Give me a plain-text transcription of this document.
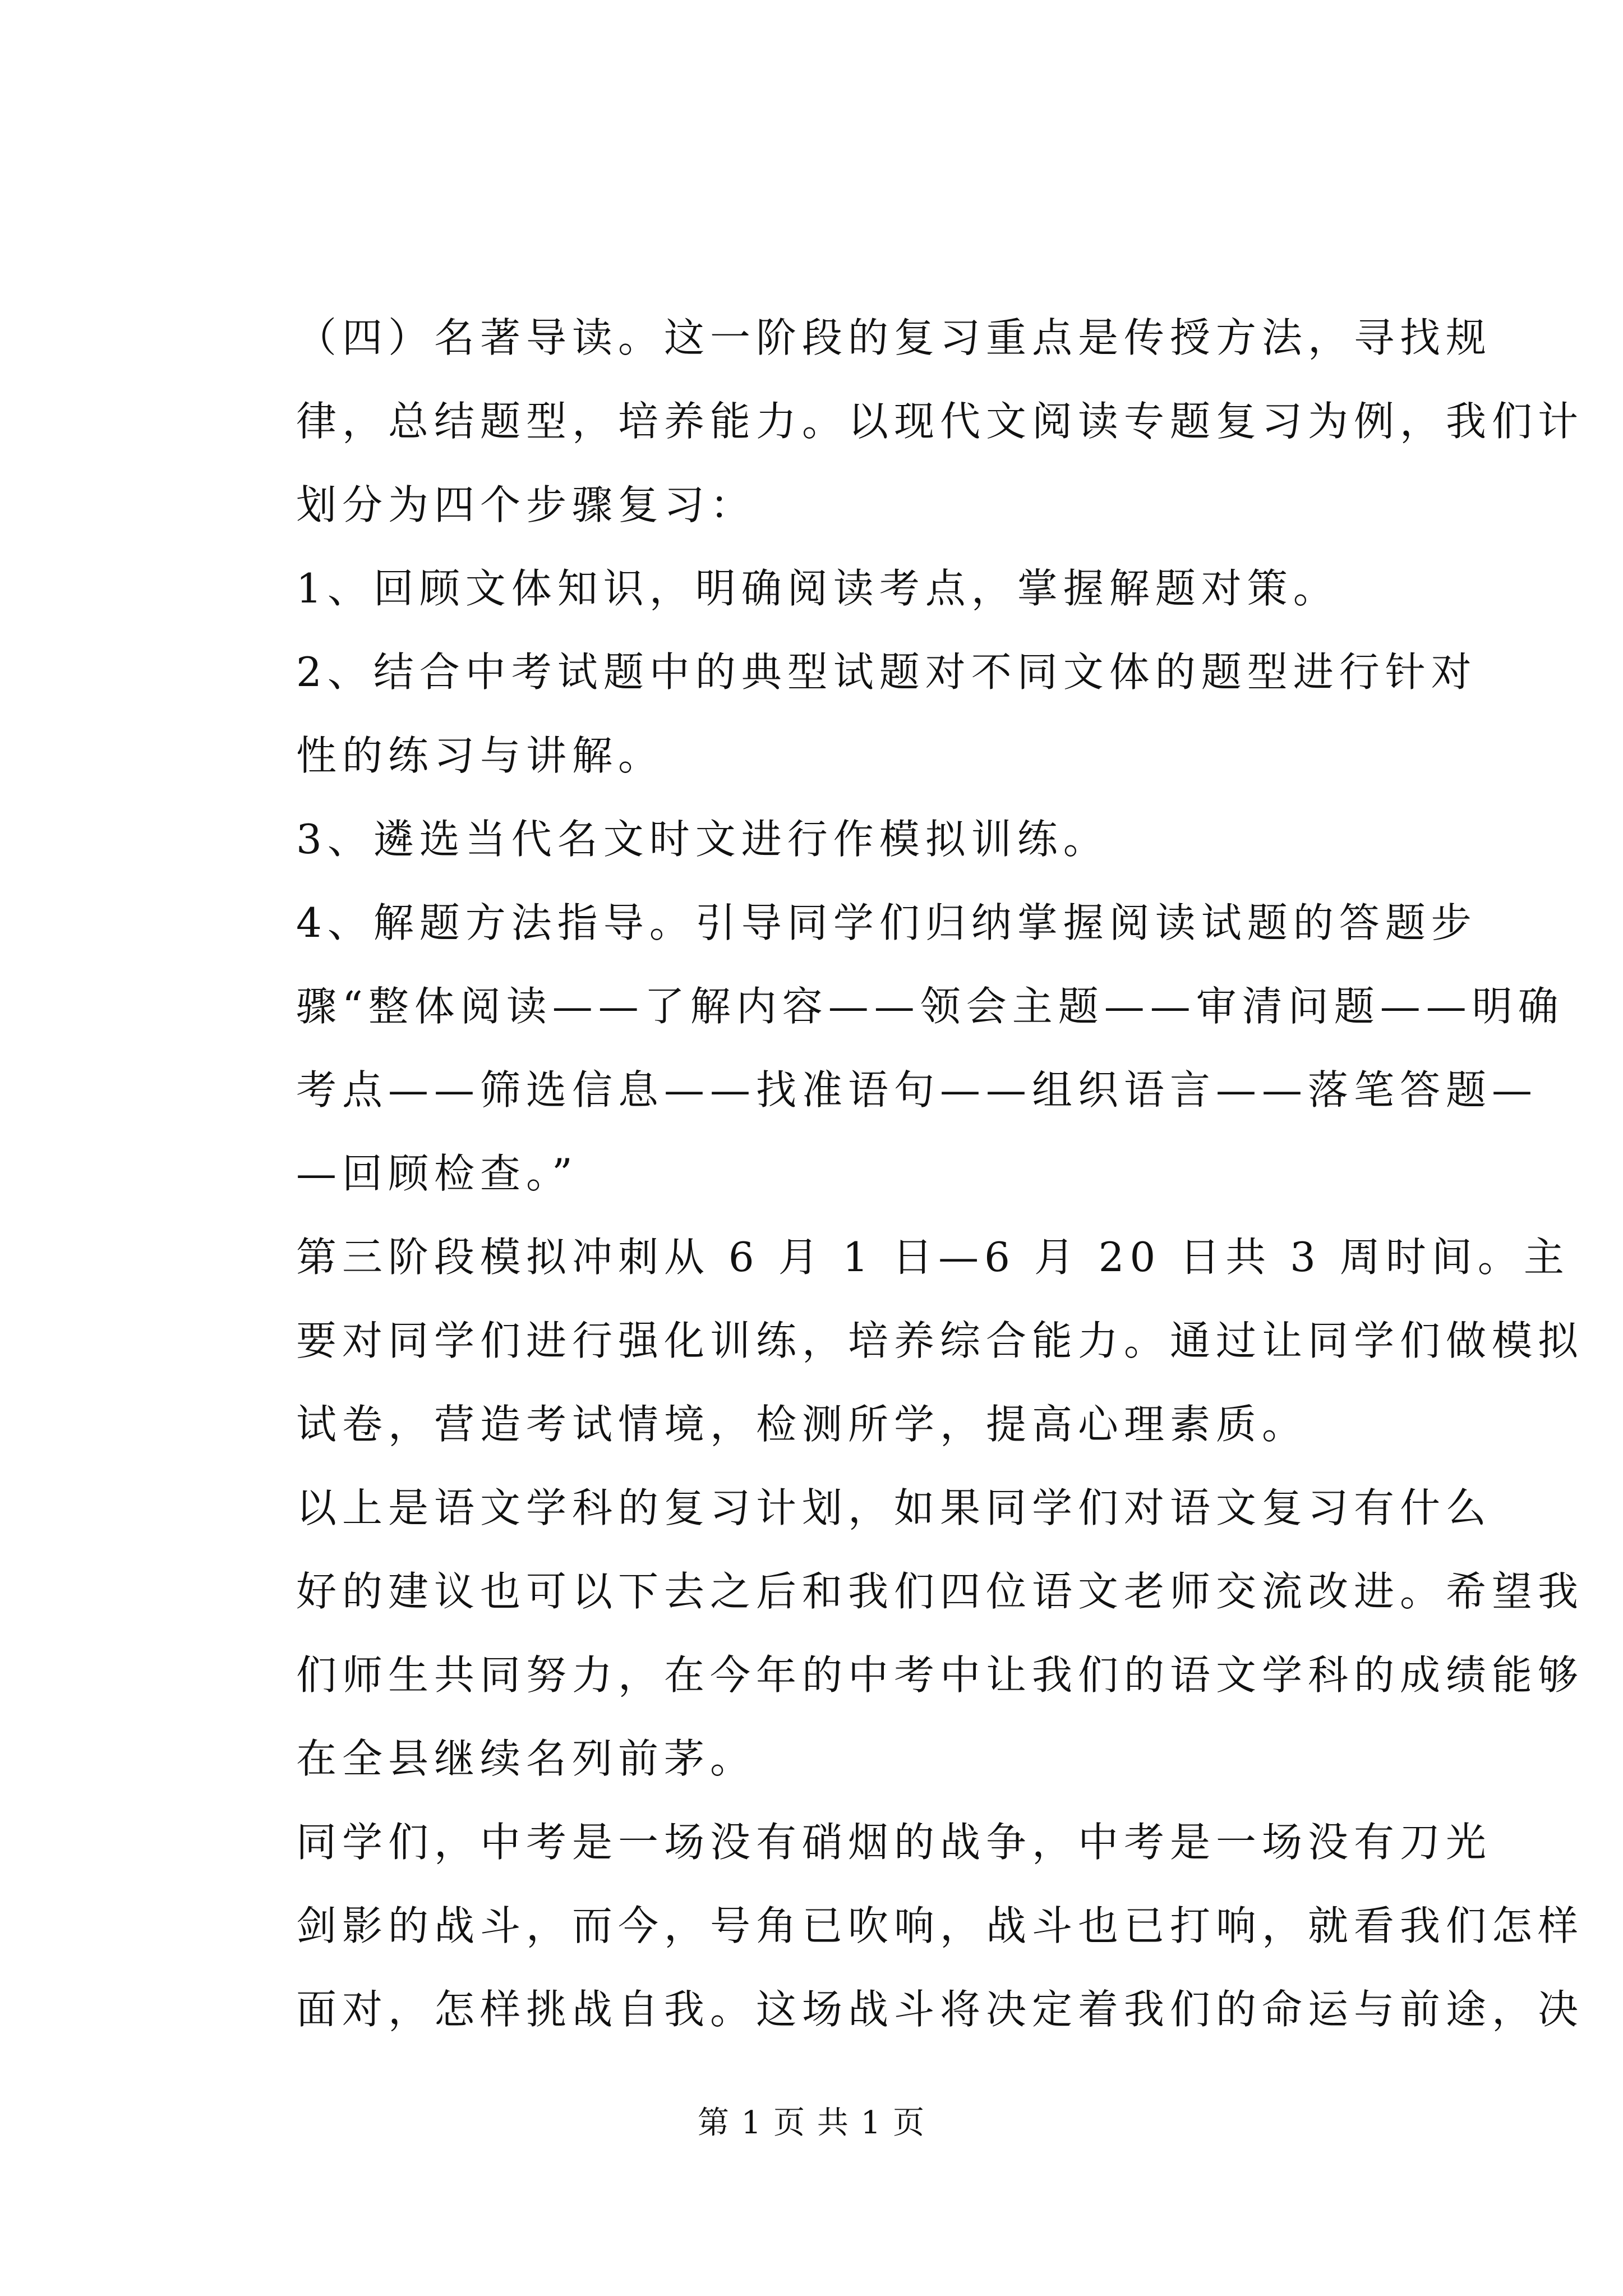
（四）名著导读。这一阶段的复习重点是传授方法，寻找规
律，总结题型，培养能力。以现代文阅读专题复习为例，我们计
划分为四个步骤复习：

1、回顾文体知识，明确阅读考点，掌握解题对策。

2、结合中考试题中的典型试题对不同文体的题型进行针对
性的练习与讲解。

3、遴选当代名文时文进行作模拟训练。

4、解题方法指导。引导同学们归纳掌握阅读试题的答题步
骤“整体阅读——了解内容——领会主题——审清问题——明确
考点——筛选信息——找准语句——组织语言——落笔答题—
—回顾检查。”

第三阶段模拟冲刺从 6 月 1 日—6 月 20 日共 3 周时间。主
要对同学们进行强化训练，培养综合能力。通过让同学们做模拟
试卷，营造考试情境，检测所学，提高心理素质。

以上是语文学科的复习计划，如果同学们对语文复习有什么
好的建议也可以下去之后和我们四位语文老师交流改进。希望我
们师生共同努力，在今年的中考中让我们的语文学科的成绩能够
在全县继续名列前茅。

同学们，中考是一场没有硝烟的战争，中考是一场没有刀光
剑影的战斗，而今，号角已吹响，战斗也已打响，就看我们怎样
面对，怎样挑战自我。这场战斗将决定着我们的命运与前途，决

第 1 页 共 1 页
